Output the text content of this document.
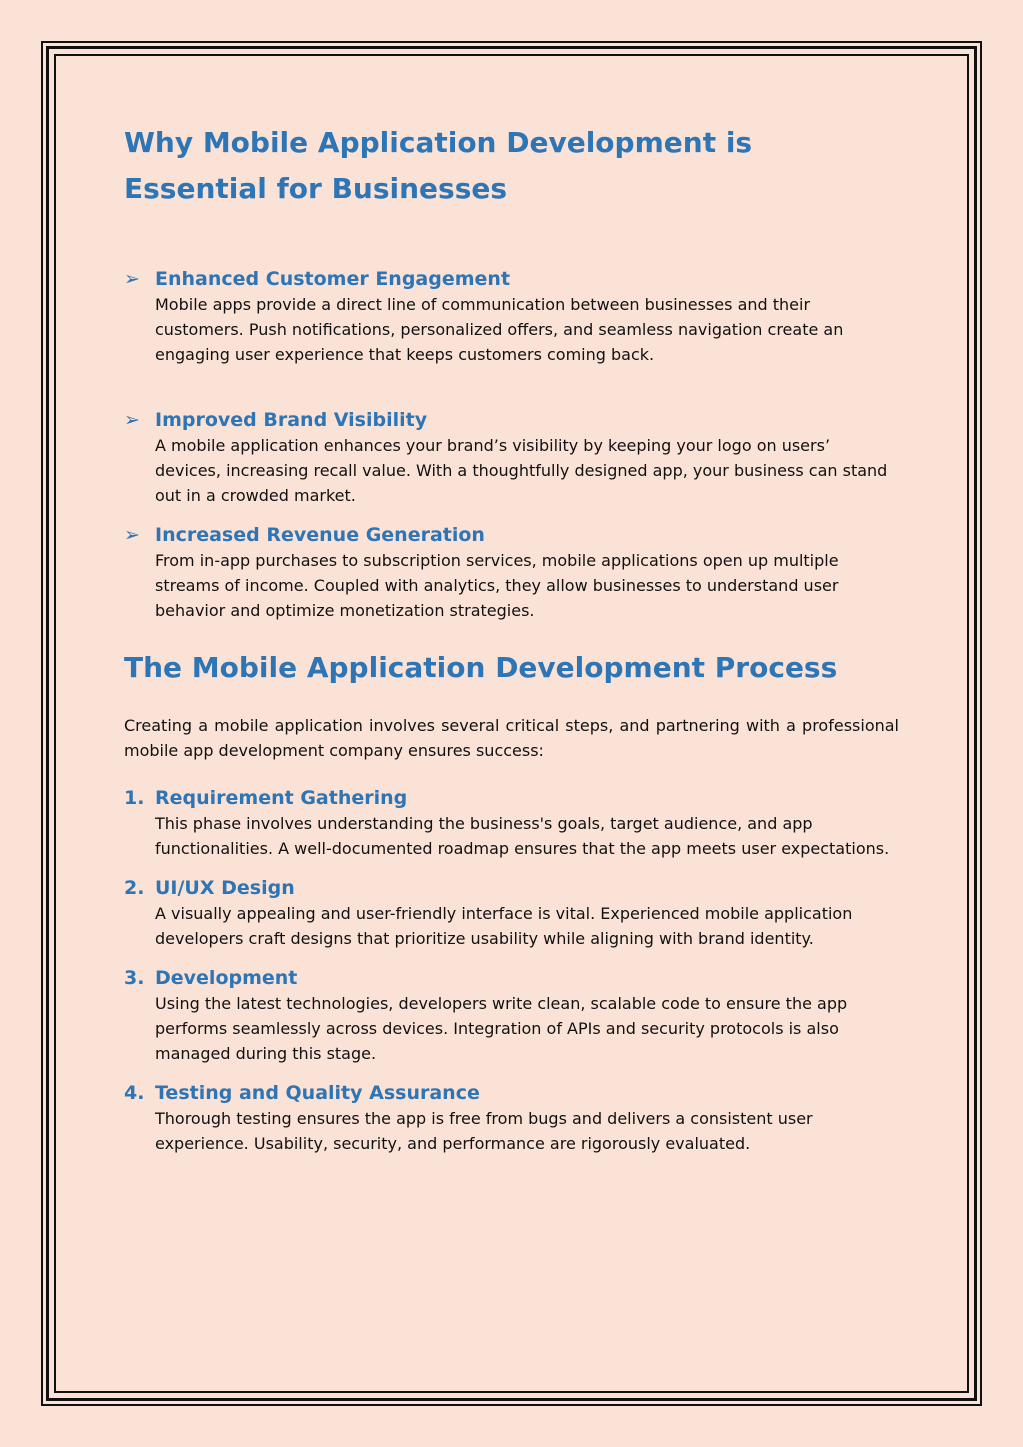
Why Mobile Application Development is Essential for Businesses
➢ Enhanced Customer Engagement
Mobile apps provide a direct line of communication between businesses and their customers. Push notifications, personalized offers, and seamless navigation create an engaging user experience that keeps customers coming back.
➢ Improved Brand Visibility
A mobile application enhances your brand’s visibility by keeping your logo on users’ devices, increasing recall value. With a thoughtfully designed app, your business can stand out in a crowded market.
➢ Increased Revenue Generation
From in-app purchases to subscription services, mobile applications open up multiple streams of income. Coupled with analytics, they allow businesses to understand user behavior and optimize monetization strategies.
The Mobile Application Development Process

Creating a mobile application involves several critical steps, and partnering with a professional mobile app development company ensures success:

1. Requirement Gathering
This phase involves understanding the business's goals, target audience, and app functionalities. A well-documented roadmap ensures that the app meets user expectations.
2. UI/UX Design
A visually appealing and user-friendly interface is vital. Experienced mobile application developers craft designs that prioritize usability while aligning with brand identity.
3. Development
Using the latest technologies, developers write clean, scalable code to ensure the app performs seamlessly across devices. Integration of APIs and security protocols is also managed during this stage.
4. Testing and Quality Assurance
Thorough testing ensures the app is free from bugs and delivers a consistent user experience. Usability, security, and performance are rigorously evaluated.
